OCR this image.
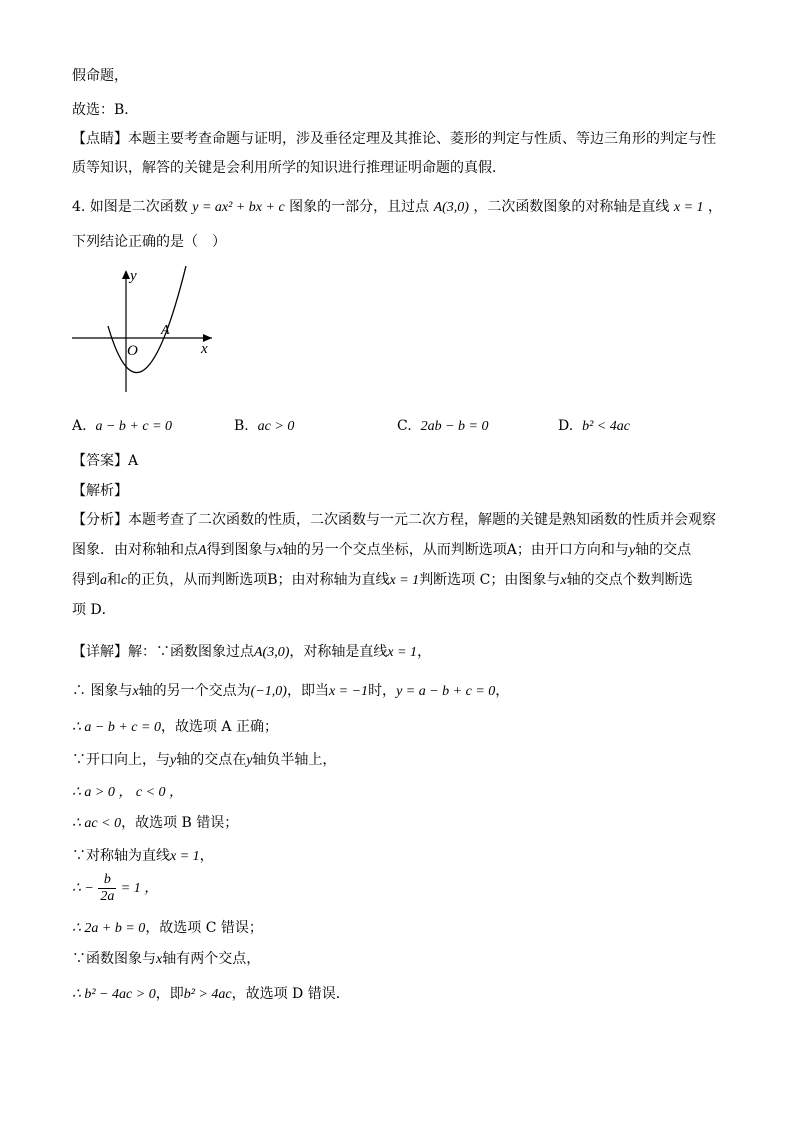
假命题，
故选：B．
【点睛】本题主要考查命题与证明，涉及垂径定理及其推论、菱形的判定与性质、等边三角形的判定与性
质等知识，解答的关键是会利用所学的知识进行推理证明命题的真假．
4. 如图是二次函数 y = ax² + bx + c 图象的一部分，且过点 A(3,0) ，二次函数图象的对称轴是直线 x = 1 ，
下列结论正确的是（　）
y
x
O
A
A. a − b + c = 0	B. ac > 0	C. 2ab − b = 0	D. b² < 4ac
【答案】A
【解析】
【分析】本题考查了二次函数的性质，二次函数与一元二次方程，解题的关键是熟知函数的性质并会观察
图象．由对称轴和点A得到图象与x轴的另一个交点坐标，从而判断选项A；由开口方向和与y轴的交点
得到a和c的正负，从而判断选项B；由对称轴为直线x = 1判断选项 C；由图象与x轴的交点个数判断选
项 D．
【详解】解：∵函数图象过点A(3,0)，对称轴是直线x = 1，
∴ 图象与x轴的另一个交点为(−1,0)，即当x = −1时，y = a − b + c = 0，
∴ a − b + c = 0，故选项 A 正确；
∵开口向上，与y轴的交点在y轴负半轴上，
∴ a > 0 ， c < 0 ，
∴ ac < 0，故选项 B 错误；
∵对称轴为直线x = 1，
∴ − $\frac{b}{2a} = 1$ ，
∴ 2a + b = 0，故选项 C 错误；
∵函数图象与x轴有两个交点，
∴ b² − 4ac > 0，即b² > 4ac，故选项 D 错误．
